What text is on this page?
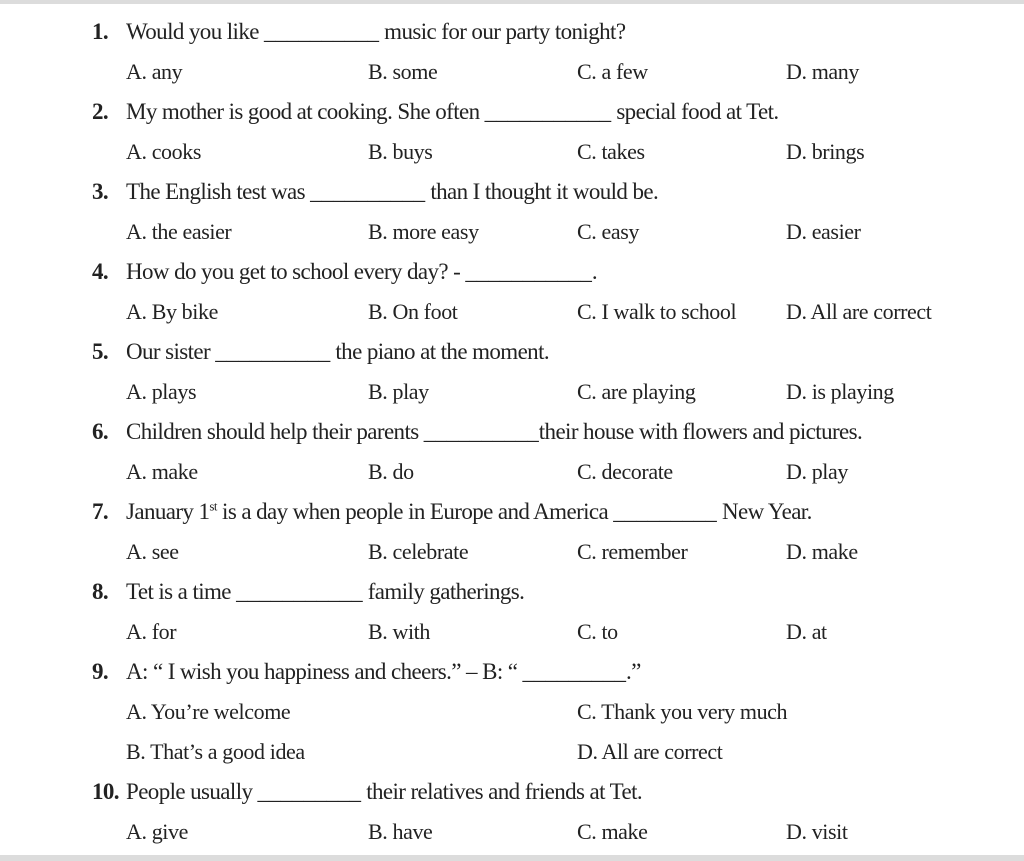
1. Would you like __________ music for our party tonight?
A. any	B. some	C. a few	D. many
2. My mother is good at cooking. She often ___________ special food at Tet.
A. cooks	B. buys	C. takes	D. brings
3. The English test was __________ than I thought it would be.
A. the easier	B. more easy	C. easy	D. easier
4. How do you get to school every day? - ___________.
A. By bike	B. On foot	C. I walk to school D. All are correct
5. Our sister __________ the piano at the moment.
A. plays	B. play	C. are playing	D. is playing
6. Children should help their parents __________their house with flowers and pictures.
A. make	B. do	C. decorate	D. play
7. January 1st is a day when people in Europe and America _________ New Year.
A. see	B. celebrate	C. remember	D. make
8. Tet is a time ___________ family gatherings.
A. for	B. with	C. to	D. at
9. A: “ I wish you happiness and cheers.” – B: “ _________.”
A. You’re welcome	C. Thank you very much
B. That’s a good idea	D. All are correct
10. People usually _________ their relatives and friends at Tet.
A. give	B. have	C. make	D. visit
